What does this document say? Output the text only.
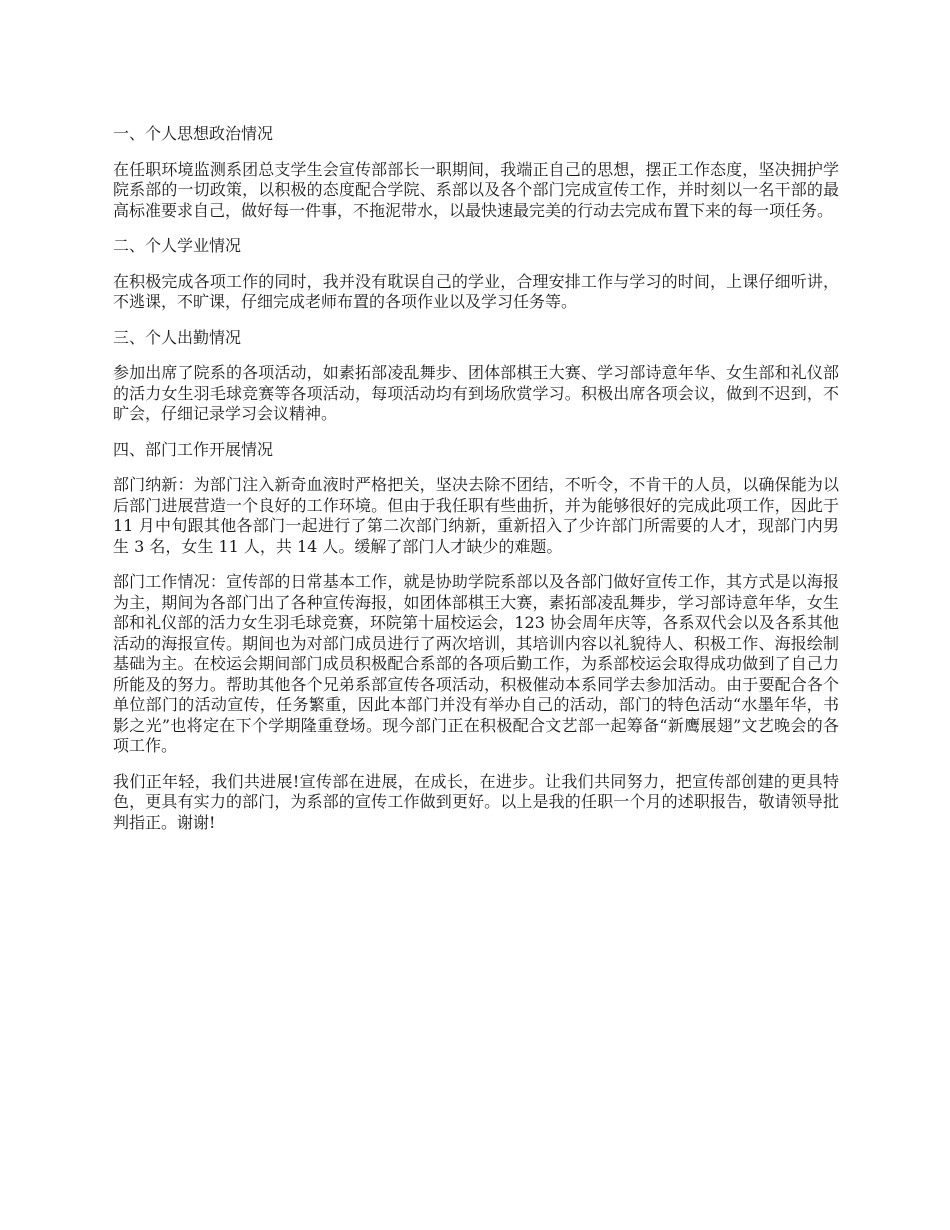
一、个人思想政治情况
在任职环境监测系团总支学生会宣传部部长一职期间，我端正自己的思想，摆正工作态度，坚决拥护学院系部的一切政策，以积极的态度配合学院、系部以及各个部门完成宣传工作，并时刻以一名干部的最高标准要求自己，做好每一件事，不拖泥带水，以最快速最完美的行动去完成布置下来的每一项任务。
二、个人学业情况
在积极完成各项工作的同时，我并没有耽误自己的学业，合理安排工作与学习的时间，上课仔细听讲，不逃课，不旷课，仔细完成老师布置的各项作业以及学习任务等。
三、个人出勤情况
参加出席了院系的各项活动，如素拓部凌乱舞步、团体部棋王大赛、学习部诗意年华、女生部和礼仪部的活力女生羽毛球竞赛等各项活动，每项活动均有到场欣赏学习。积极出席各项会议，做到不迟到，不旷会，仔细记录学习会议精神。
四、部门工作开展情况
部门纳新：为部门注入新奇血液时严格把关，坚决去除不团结，不听令，不肯干的人员，以确保能为以后部门进展营造一个良好的工作环境。但由于我任职有些曲折，并为能够很好的完成此项工作，因此于 11 月中旬跟其他各部门一起进行了第二次部门纳新，重新招入了少许部门所需要的人才，现部门内男生 3 名，女生 11 人，共 14 人。缓解了部门人才缺少的难题。
部门工作情况：宣传部的日常基本工作，就是协助学院系部以及各部门做好宣传工作，其方式是以海报为主，期间为各部门出了各种宣传海报，如团体部棋王大赛，素拓部凌乱舞步，学习部诗意年华，女生部和礼仪部的活力女生羽毛球竞赛，环院第十届校运会，123 协会周年庆等，各系双代会以及各系其他活动的海报宣传。期间也为对部门成员进行了两次培训，其培训内容以礼貌待人、积极工作、海报绘制基础为主。在校运会期间部门成员积极配合系部的各项后勤工作，为系部校运会取得成功做到了自己力所能及的努力。帮助其他各个兄弟系部宣传各项活动，积极催动本系同学去参加活动。由于要配合各个单位部门的活动宣传，任务繁重，因此本部门并没有举办自己的活动，部门的特色活动“水墨年华，书影之光”也将定在下个学期隆重登场。现今部门正在积极配合文艺部一起筹备“新鹰展翅”文艺晚会的各项工作。
我们正年轻，我们共进展!宣传部在进展，在成长，在进步。让我们共同努力，把宣传部创建的更具特色，更具有实力的部门，为系部的宣传工作做到更好。以上是我的任职一个月的述职报告，敬请领导批判指正。谢谢!
